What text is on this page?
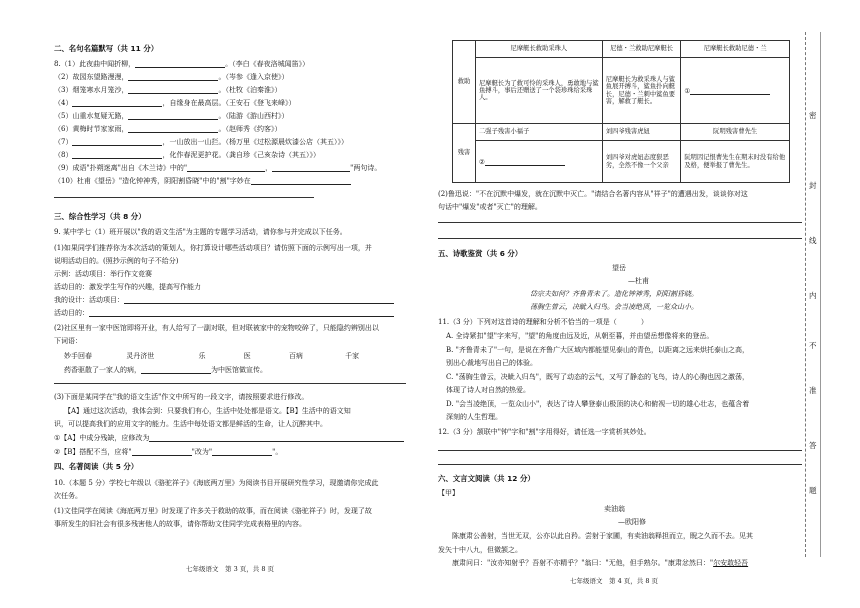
二、名句名篇默写（共 11 分）
8.（1）此夜曲中闻折柳，	。（李白《春夜洛城闻笛》）
（2）故园东望路漫漫，	。（岑参《逢入京使》）
（3）烟笼寒水月笼沙，	。（杜牧《泊秦淮》）
（4）	，自缘身在最高层。（王安石《登飞来峰》）
（5）山重水复疑无路，	。（陆游《游山西村》）
（6）黄梅时节家家雨，	。（赵师秀《约客》）
（7）	，一山放出一山拦。（杨万里《过松源晨炊漆公店（其五）》）
（8）	，化作春泥更护花。（龚自珍《己亥杂诗（其五）》）
（9）成语"扑朔迷离"出自《木兰诗》中的"	，	"两句诗。
（10）杜甫《望岳》"造化钟神秀，阴阳割昏晓"中的"割"字妙在
三、综合性学习（共 8 分）
9. 某中学七（1）班开展以"我的语文生活"为主题的专题学习活动，请你参与并完成以下任务。
(1)如果同学们推荐你为本次活动的策划人，你打算设计哪些活动项目？请仿照下面的示例写出一项，并
说明活动目的。(照抄示例的句子不给分)
示例：活动项目：举行作文竞赛
活动目的：激发学生写作的兴趣，提高写作能力
我的设计：活动项目：
活动目的：
(2)社区里有一家中医馆即将开业，有人给写了一副对联，但对联被家中的宠物咬碎了，只能隐约辨别出以
下词语：
妙手回春	灵丹济世	乐	医	百病	千家
药香驱散了一家人的病，	为中医馆做宣传。
(3)下面是某同学在"我的语文生活"作文中所写的一段文字，请按照要求进行修改。
【A】通过这次活动，我体会到：只要我们有心，生活中处处都是语文。【B】生活中的语文知
识，可以提高我们的应用文字的能力。生活中每处语文都是鲜活的生命，让人沉醉其中。
①【A】中成分残缺，应修改为
②【B】搭配不当，应将"	"改为"	"。
四、名著阅读（共 5 分）
10.（本题 5 分）学校七年级以《骆驼祥子》《海底两万里》为阅读书目开展研究性学习，现邀请你完成此
次任务。
(1)文佳同学在阅读《海底两万里》时发现了许多关于救助的故事，而在阅读《骆驼祥子》时，发现了故
事所发生的旧社会有很多残害他人的故事，请你帮助文佳同学完成表格里的内容。
七年级语文　第 3 页，共 8 页
救助	尼摩艇长救助采珠人	尼德・兰救助尼摩艇长	尼摩艇长救助尼德・兰
	尼摩艇长为了救可怜的采珠人，勇敢地与鲨鱼搏斗，事后还赠送了一个袋珍珠给采珠人。	尼摩艇长为救采珠人与鲨鱼展开搏斗，鲨鱼扑向艇长，尼德・兰刺中鲨鱼要害，解救了艇长。	①
残害	二强子残害小福子	刘四爷残害虎妞	阮明残害曹先生
	②	刘四爷对虎妞态度狠恶劣，全然不像一个父亲	阮明因记恨曹先生在期末时没有给他及格，便举报了曹先生。
(2)鲁迅说："不在沉默中爆发，就在沉默中灭亡。"请结合名著内容从"祥子"的遭遇出发，谈谈你对这
句话中"爆发"或者"灭亡"的理解。
五、诗歌鉴赏（共 6 分）
望岳
—杜甫
岱宗夫如何？齐鲁青未了。造化钟神秀，阴阳割昏晓。
荡胸生曾云，决眦入归鸟。会当凌绝顶，一览众山小。
11.（3 分）下列对这首诗的理解和分析不恰当的一项是（	）
A. 全诗紧扣"望"字来写，"望"的角度由远及近，从朝至暮，并由望岳想像将来的登岳。
B. "齐鲁青未了"一句，是说在齐鲁广大区域内都能望见泰山的青色，以距离之远来烘托泰山之高，
别出心裁地写出自己的体验。
C. "荡胸生曾云，决眦入归鸟"，既写了动态的云气，又写了静态的飞鸟，诗人的心胸也因之激荡，
体现了诗人对自然的热爱。
D. "会当凌绝顶，一览众山小"，表达了诗人攀登泰山极顶的决心和俯视一切的雄心壮志，也蕴含着
深刻的人生哲理。
12.（3 分）颔联中"钟"字和"割"字用得好，请任选一字赏析其妙处。
六、文言文阅读（共 12 分）
【甲】
卖油翁
—欧阳修
陈康肃公善射，当世无双，公亦以此自矜。尝射于家圃，有卖油翁释担而立，睨之久而不去。见其
发矢十中八九，但微颔之。
康肃问曰："汝亦知射乎？吾射不亦精乎？"翁曰："无他，但手熟尔。"康肃忿然曰："尔安敢轻吾
七年级语文　第 4 页，共 8 页
密
封
线
内
不
准
答
题
